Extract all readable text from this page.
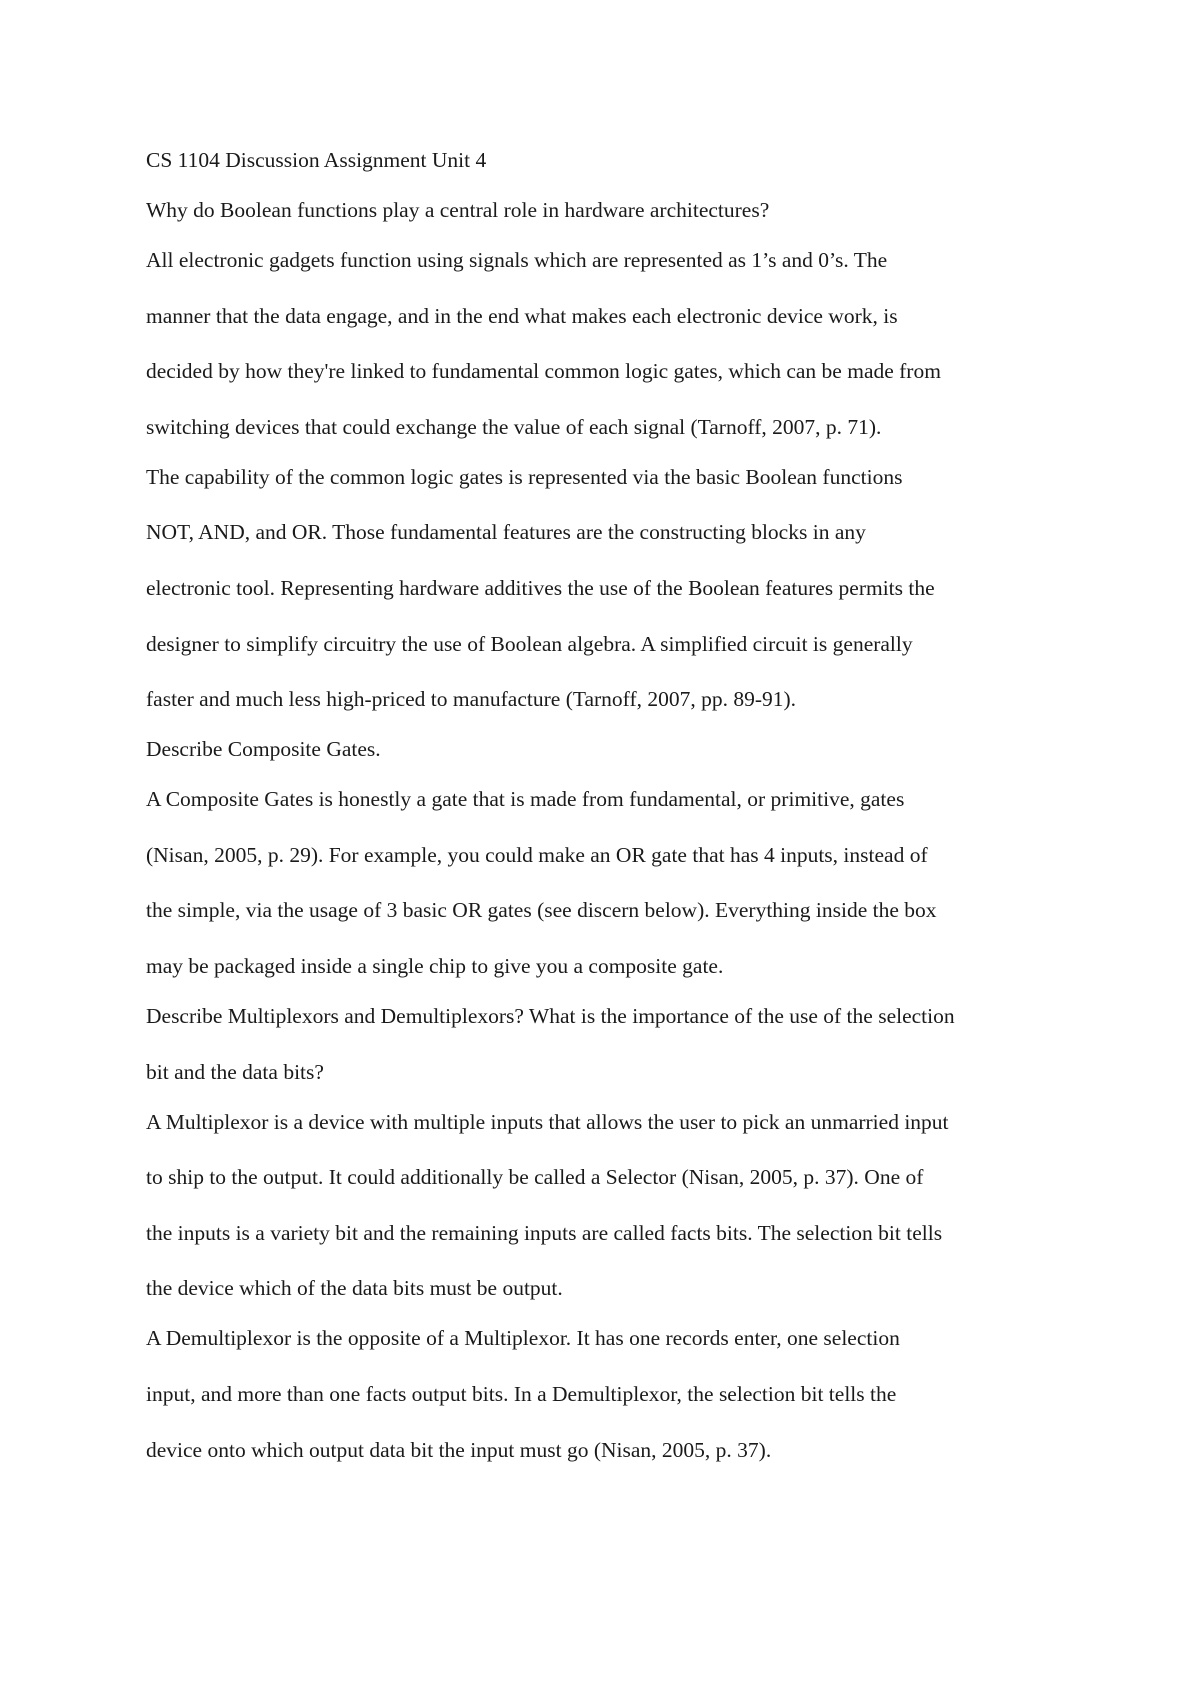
CS 1104 Discussion Assignment Unit 4
Why do Boolean functions play a central role in hardware architectures?
All electronic gadgets function using signals which are represented as 1’s and 0’s. The
manner that the data engage, and in the end what makes each electronic device work, is
decided by how they're linked to fundamental common logic gates, which can be made from
switching devices that could exchange the value of each signal (Tarnoff, 2007, p. 71).
The capability of the common logic gates is represented via the basic Boolean functions
NOT, AND, and OR. Those fundamental features are the constructing blocks in any
electronic tool. Representing hardware additives the use of the Boolean features permits the
designer to simplify circuitry the use of Boolean algebra. A simplified circuit is generally
faster and much less high-priced to manufacture (Tarnoff, 2007, pp. 89-91).
Describe Composite Gates.
A Composite Gates is honestly a gate that is made from fundamental, or primitive, gates
(Nisan, 2005, p. 29). For example, you could make an OR gate that has 4 inputs, instead of
the simple, via the usage of 3 basic OR gates (see discern below). Everything inside the box
may be packaged inside a single chip to give you a composite gate.
Describe Multiplexors and Demultiplexors? What is the importance of the use of the selection
bit and the data bits?
A Multiplexor is a device with multiple inputs that allows the user to pick an unmarried input
to ship to the output. It could additionally be called a Selector (Nisan, 2005, p. 37). One of
the inputs is a variety bit and the remaining inputs are called facts bits. The selection bit tells
the device which of the data bits must be output.
A Demultiplexor is the opposite of a Multiplexor. It has one records enter, one selection
input, and more than one facts output bits. In a Demultiplexor, the selection bit tells the
device onto which output data bit the input must go (Nisan, 2005, p. 37).
